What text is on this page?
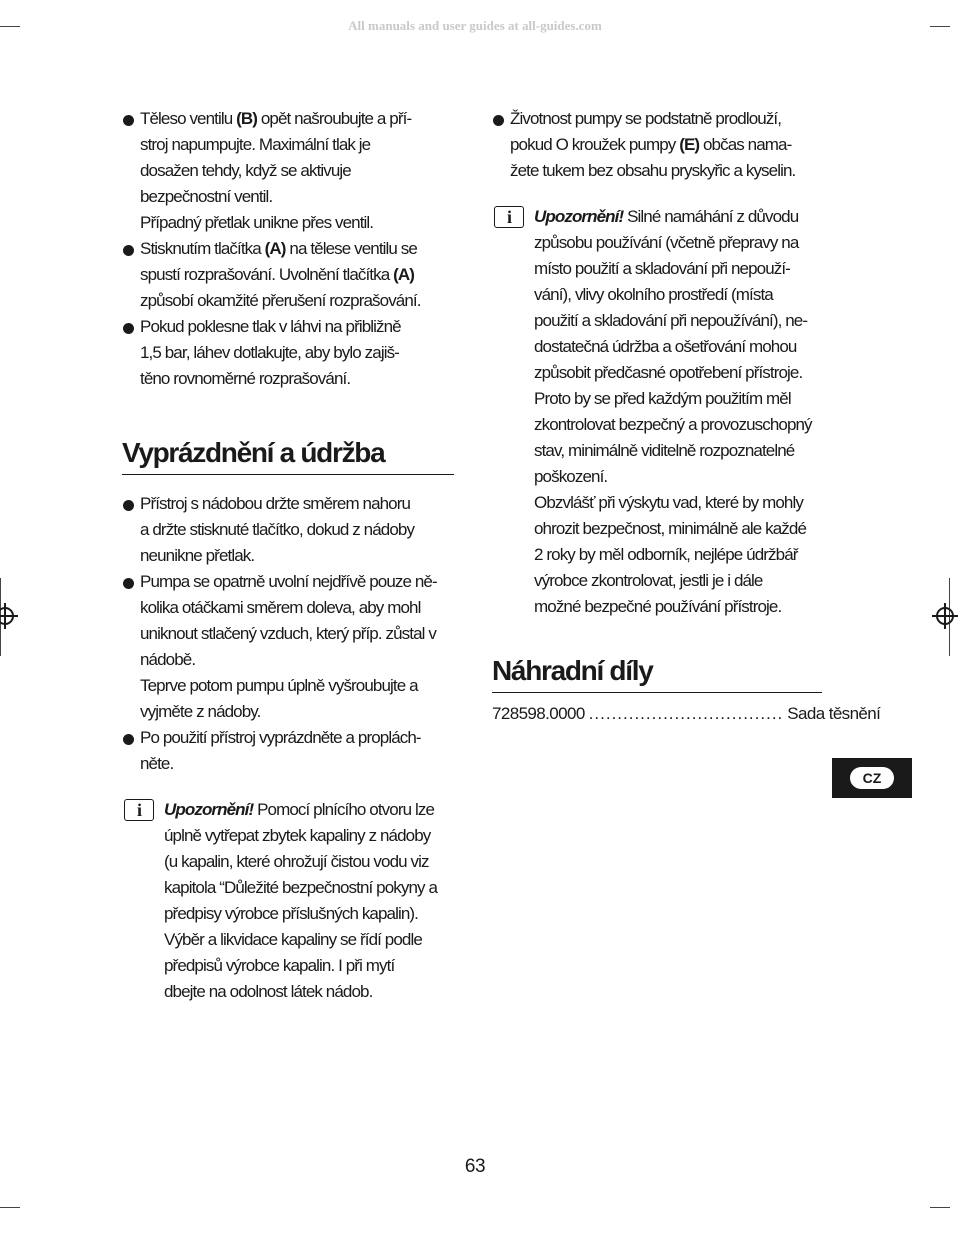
All manuals and user guides at all-guides.com

Těleso ventilu (B) opět našroubujte a pří-
stroj napumpujte. Maximální tlak je
dosažen tehdy, když se aktivuje
bezpečnostní ventil.
Případný přetlak unikne přes ventil.

Stisknutím tlačítka (A) na tělese ventilu se
spustí rozprašování. Uvolnění tlačítka (A)
způsobí okamžité přerušení rozprašování.

Pokud poklesne tlak v láhvi na přibližně
1,5 bar, láhev dotlakujte, aby bylo zajiš-
těno rovnoměrné rozprašování.

Vyprázdnění a údržba

Přístroj s nádobou držte směrem nahoru
a držte stisknuté tlačítko, dokud z nádoby
neunikne přetlak.

Pumpa se opatrně uvolní nejdřívě pouze ně-
kolika otáčkami směrem doleva, aby mohl
uniknout stlačený vzduch, který příp. zůstal v
nádobě.
Teprve potom pumpu úplně vyšroubujte a
vyjměte z nádoby.

Po použití přístroj vyprázdněte a proplách-
něte.

i Upozornění! Pomocí plnícího otvoru lze
úplně vytřepat zbytek kapaliny z nádoby
(u kapalin, které ohrožují čistou vodu viz
kapitola “Důležité bezpečnostní pokyny a
předpisy výrobce příslušných kapalin).
Výběr a likvidace kapaliny se řídí podle
předpisů výrobce kapalin. I při mytí
dbejte na odolnost látek nádob.

Životnost pumpy se podstatně prodlouží,
pokud O kroužek pumpy (E) občas nama-
žete tukem bez obsahu pryskyřic a kyselin.

i Upozornění! Silné namáhání z důvodu
způsobu používání (včetně přepravy na
místo použití a skladování při nepouží-
vání), vlivy okolního prostředí (místa
použití a skladování při nepoužívání), ne-
dostatečná údržba a ošetřování mohou
způsobit předčasné opotřebení přístroje.
Proto by se před každým použitím měl
zkontrolovat bezpečný a provozuschopný
stav, minimálně viditelně rozpoznatelné
poškození.
Obzvlášť při výskytu vad, které by mohly
ohrozit bezpečnost, minimálně ale každé
2 roky by měl odborník, nejlépe údržbář
výrobce zkontrolovat, jestli je i dále
možné bezpečné používání přístroje.

Náhradní díly
728598.0000 .................................. Sada těsnění
CZ
63
